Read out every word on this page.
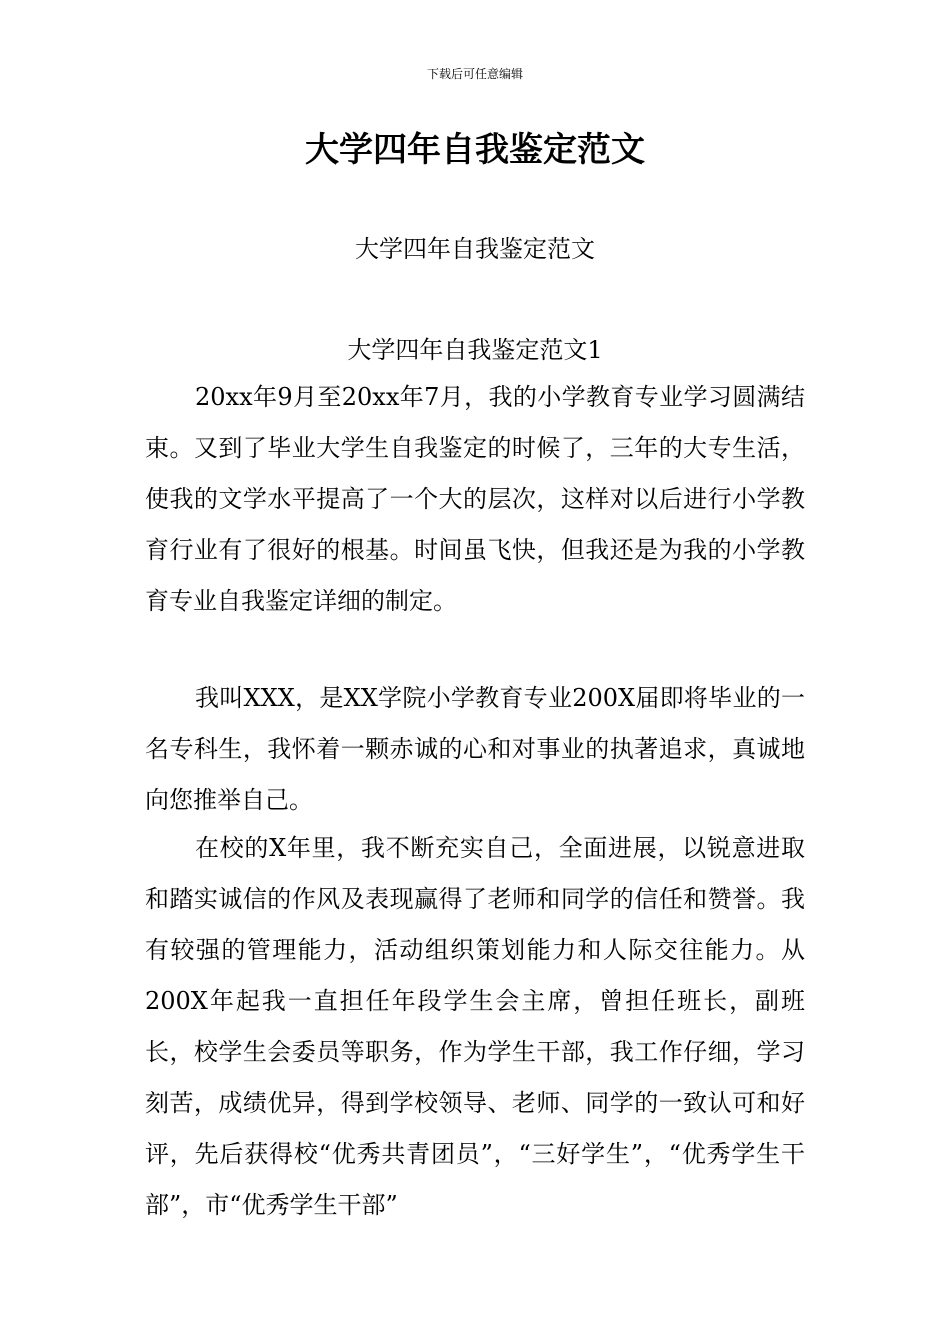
下载后可任意编辑
大学四年自我鉴定范文
大学四年自我鉴定范文
大学四年自我鉴定范文1

20xx年9月至20xx年7月，我的小学教育专业学习圆满结束。又到了毕业大学生自我鉴定的时候了，三年的大专生活，使我的文学水平提高了一个大的层次，这样对以后进行小学教育行业有了很好的根基。时间虽飞快，但我还是为我的小学教育专业自我鉴定详细的制定。

我叫XXX，是XX学院小学教育专业200X届即将毕业的一名专科生，我怀着一颗赤诚的心和对事业的执著追求，真诚地向您推举自己。

在校的X年里，我不断充实自己，全面进展，以锐意进取和踏实诚信的作风及表现赢得了老师和同学的信任和赞誉。我有较强的管理能力，活动组织策划能力和人际交往能力。从200X年起我一直担任年段学生会主席，曾担任班长，副班长，校学生会委员等职务，作为学生干部，我工作仔细，学习刻苦，成绩优异，得到学校领导、老师、同学的一致认可和好评，先后获得校“优秀共青团员”，“三好学生”，“优秀学生干部”，市“优秀学生干部”
